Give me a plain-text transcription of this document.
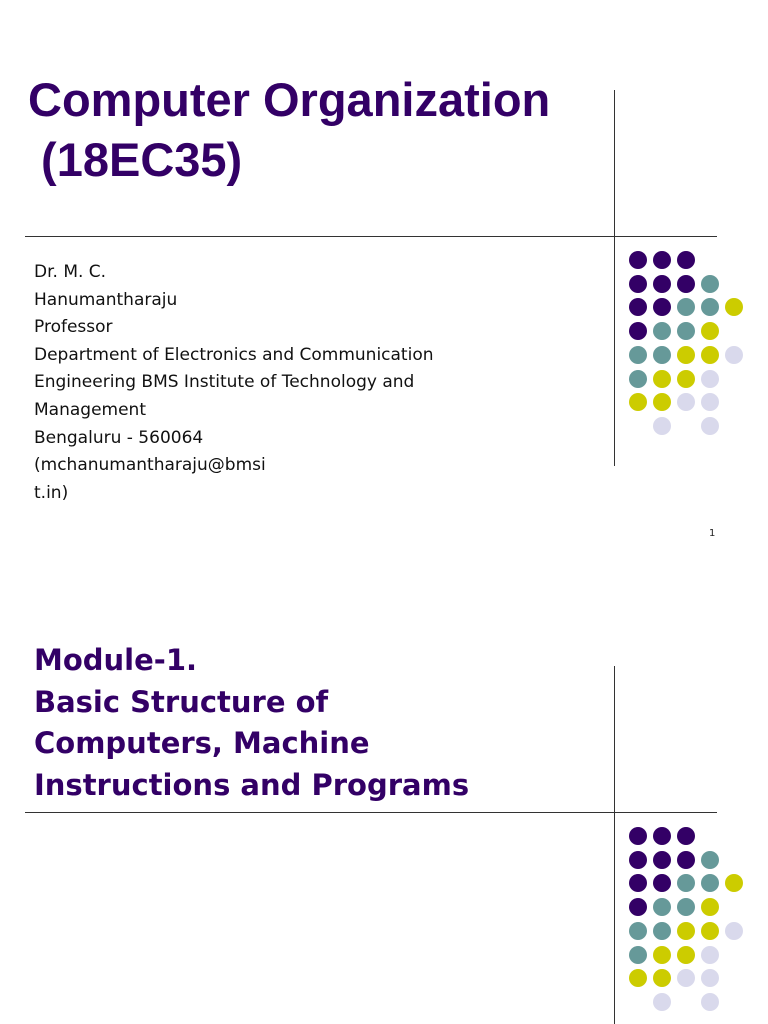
Computer Organization
(18EC35)
Dr. M. C.
Hanumantharaju
Professor
Department of Electronics and Communication
Engineering BMS Institute of Technology and
Management
Bengaluru - 560064
(mchanumantharaju@bmsi
t.in)
1
Module-1.
Basic Structure of
Computers, Machine
Instructions and Programs
